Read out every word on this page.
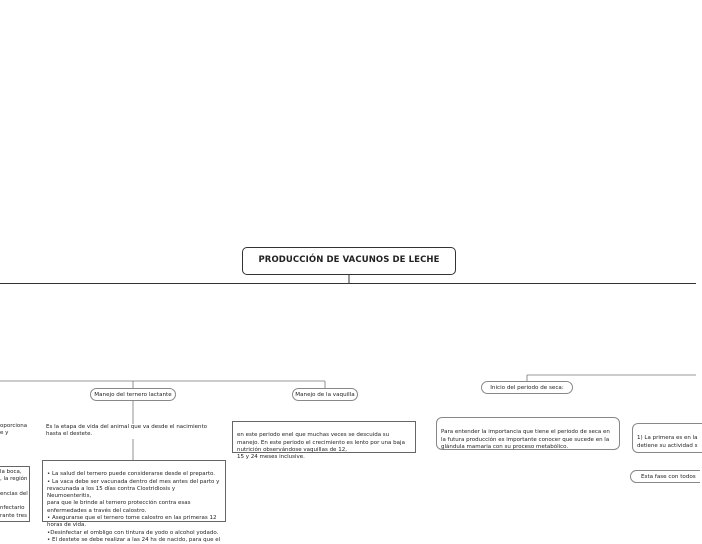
PRODUCCIÓN DE VACUNOS DE LECHE
oporciona
e y
la boca,
, la región

encias del

nfectario
rante tres
Manejo del ternero lactante
Es la etapa de vida del animal que va desde el nacimiento
hasta el destete.

• La salud del ternero puede considerarse desde el preparto.
• La vaca debe ser vacunada dentro del mes antes del parto y
revacunada a los 15 días contra Clostridiosis y Neumoenteritis,
para que le brinde al ternero protección contra esas
enfermedades a través del calostro.
• Asegurarse que el ternero tome calostro en las primeras 12
horas de vida.
•Desinfectar el ombligo con tintura de yodo o alcohol yodado.
• El destete se debe realizar a las 24 hs de nacido, para que el

Manejo de la vaquilla

en este periodo enel que muchas veces se descuida su
manejo. En este periodo el crecimiento es lento por una baja
nutrición observándose vaquillas de 12,
15 y 24 meses inclusive.

Inicio del periodo de seca:

Para entender la importancia que tiene el periodo de seca en
la futura producción es importante conocer que sucede en la
glándula mamaria con su proceso metabólico.

1) La primera es en la
detiene su actividad s

Esta fase con todos
